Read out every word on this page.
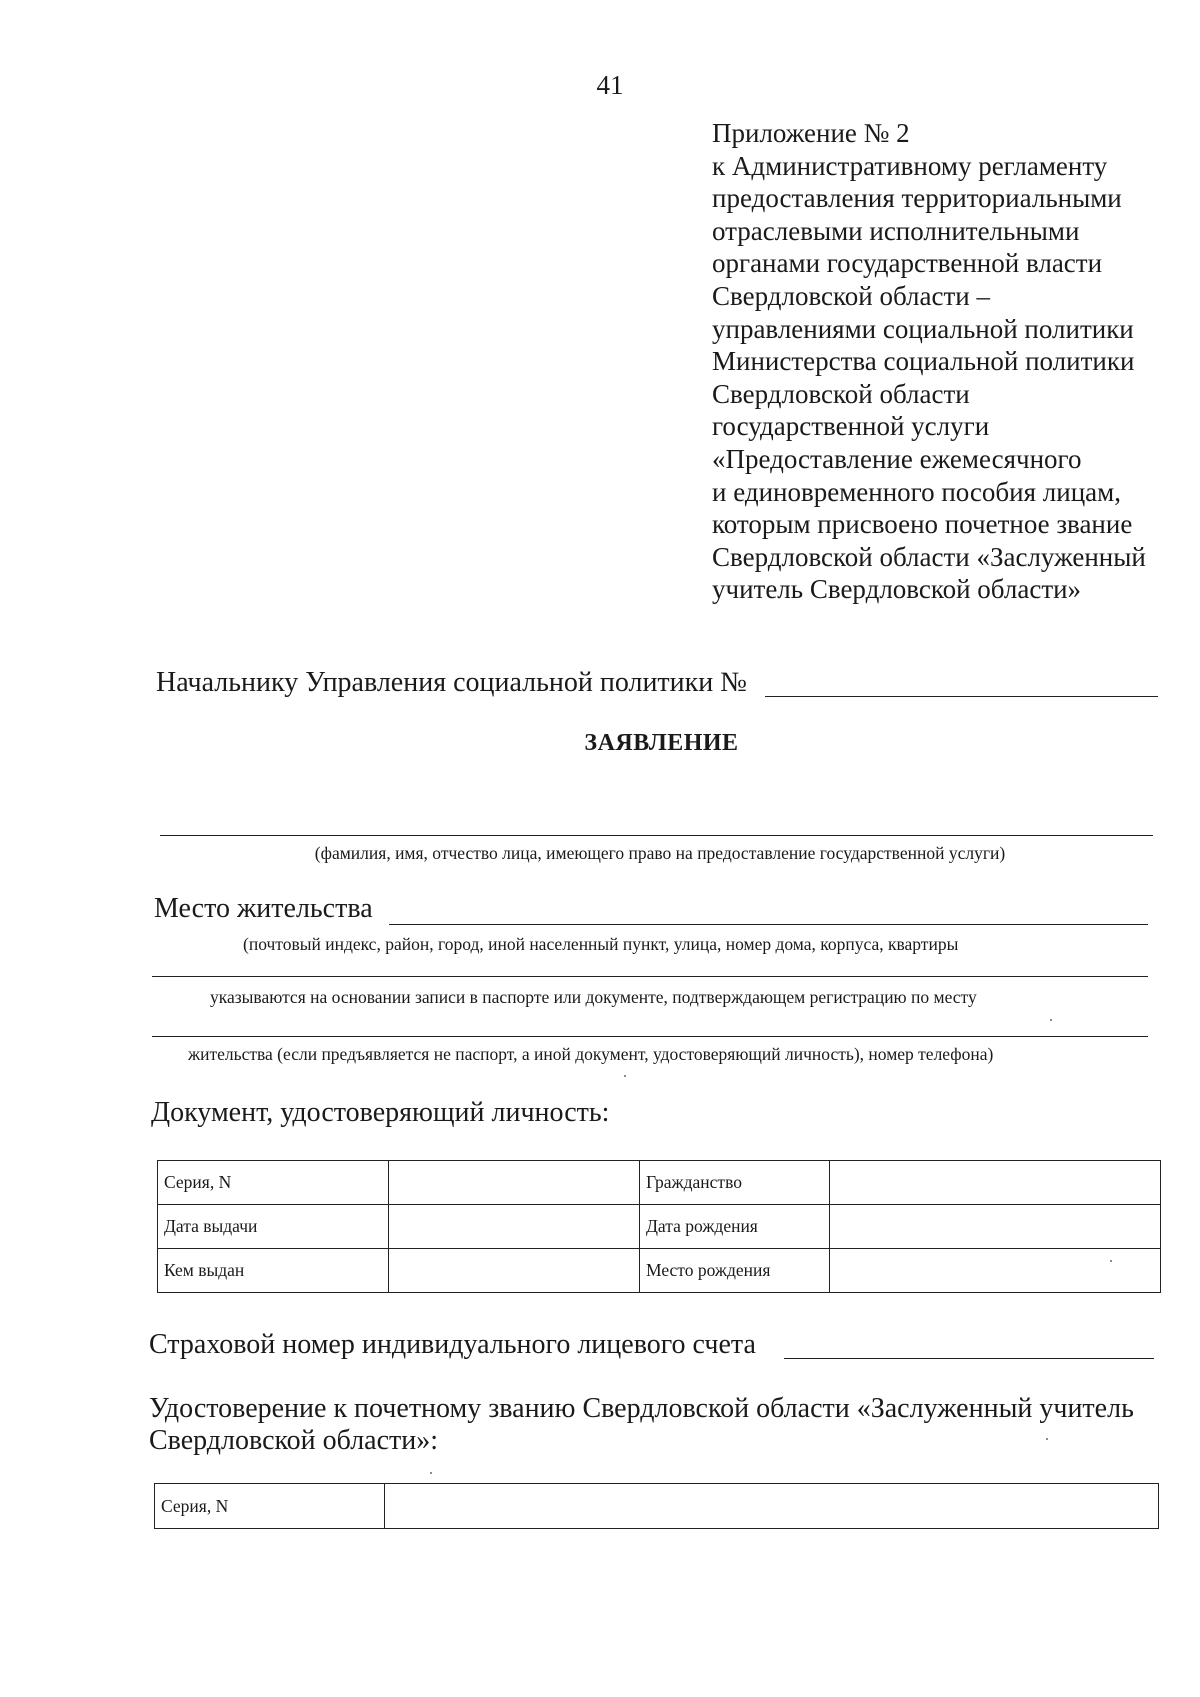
41
Приложение № 2
к Административному регламенту
предоставления территориальными
отраслевыми исполнительными
органами государственной власти
Свердловской области –
управлениями социальной политики
Министерства социальной политики
Свердловской области
государственной услуги
«Предоставление ежемесячного
и единовременного пособия лицам,
которым присвоено почетное звание
Свердловской области «Заслуженный
учитель Свердловской области»
Начальнику Управления социальной политики №
ЗАЯВЛЕНИЕ
(фамилия, имя, отчество лица, имеющего право на предоставление государственной услуги)
Место жительства
(почтовый индекс, район, город, иной населенный пункт, улица, номер дома, корпуса, квартиры
указываются на основании записи в паспорте или документе, подтверждающем регистрацию по месту
жительства (если предъявляется не паспорт, а иной документ, удостоверяющий личность), номер телефона)
Документ, удостоверяющий личность:
Серия, N		Гражданство	
Дата выдачи		Дата рождения	
Кем выдан		Место рождения	
Страховой номер индивидуального лицевого счета
Удостоверение к почетному званию Свердловской области «Заслуженный учитель
Свердловской области»:
Серия, N	
